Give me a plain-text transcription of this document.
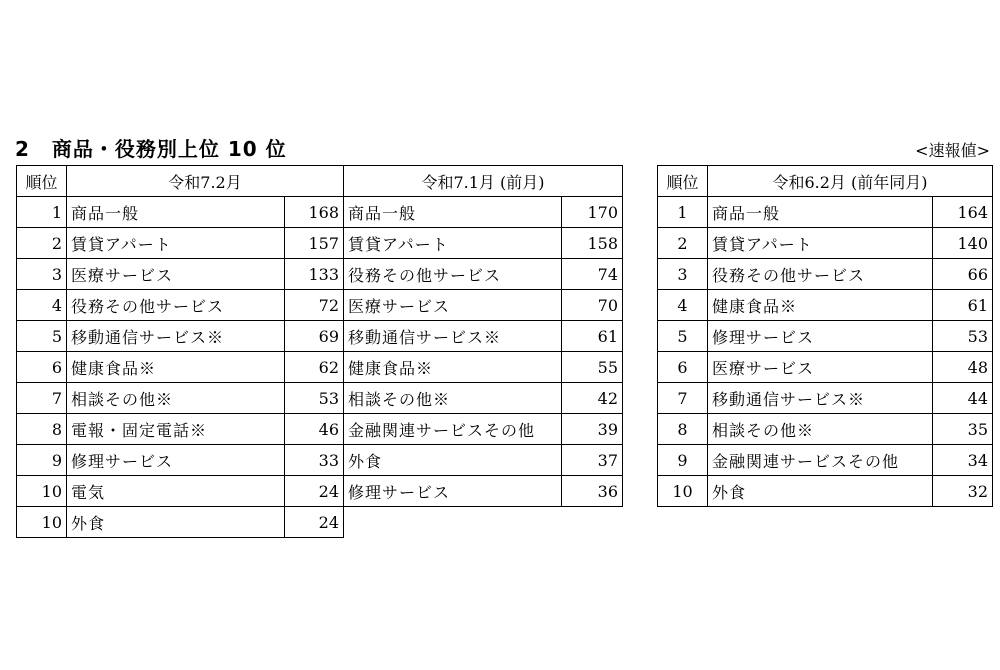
2 商品・役務別上位 10 位	<速報値>
順位	令和7.2月		令和7.1月 (前月)	
1	商品一般	168	商品一般	170
2	賃貸アパート	157	賃貸アパート	158
3	医療サービス	133	役務その他サービス	74
4	役務その他サービス	72	医療サービス	70
5	移動通信サービス※	69	移動通信サービス※	61
6	健康食品※	62	健康食品※	55
7	相談その他※	53	相談その他※	42
8	電報・固定電話※	46	金融関連サービスその他	39
9	修理サービス	33	外食	37
10	電気	24	修理サービス	36
10	外食	24		
順位	令和6.2月 (前年同月)	
1	商品一般	164
2	賃貸アパート	140
3	役務その他サービス	66
4	健康食品※	61
5	修理サービス	53
6	医療サービス	48
7	移動通信サービス※	44
8	相談その他※	35
9	金融関連サービスその他	34
10	外食	32
